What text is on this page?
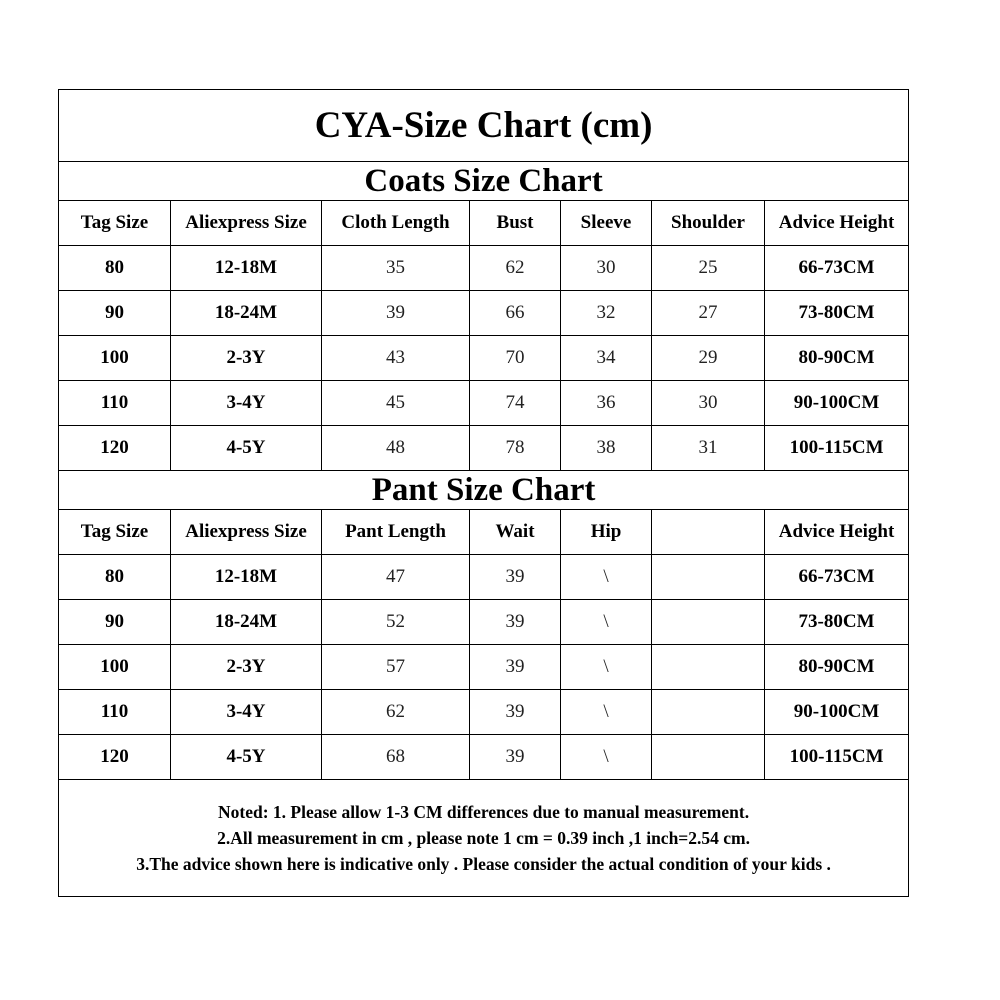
CYA-Size Chart (cm)						
Coats Size Chart						
Tag Size	Aliexpress Size	Cloth Length	Bust	Sleeve	Shoulder	Advice Height
80	12-18M	35	62	30	25	66-73CM
90	18-24M	39	66	32	27	73-80CM
100	2-3Y	43	70	34	29	80-90CM
110	3-4Y	45	74	36	30	90-100CM
120	4-5Y	48	78	38	31	100-115CM
Pant Size Chart						
Tag Size	Aliexpress Size	Pant Length	Wait	Hip		Advice Height
80	12-18M	47	39	\		66-73CM
90	18-24M	52	39	\		73-80CM
100	2-3Y	57	39	\		80-90CM
110	3-4Y	62	39	\		90-100CM
120	4-5Y	68	39	\		100-115CM

Noted: 1. Please allow 1-3 CM differences due to manual measurement.
2.All measurement in cm , please note 1 cm = 0.39 inch ,1 inch=2.54 cm.
3.The advice shown here is indicative only . Please consider the actual condition of your kids .						
